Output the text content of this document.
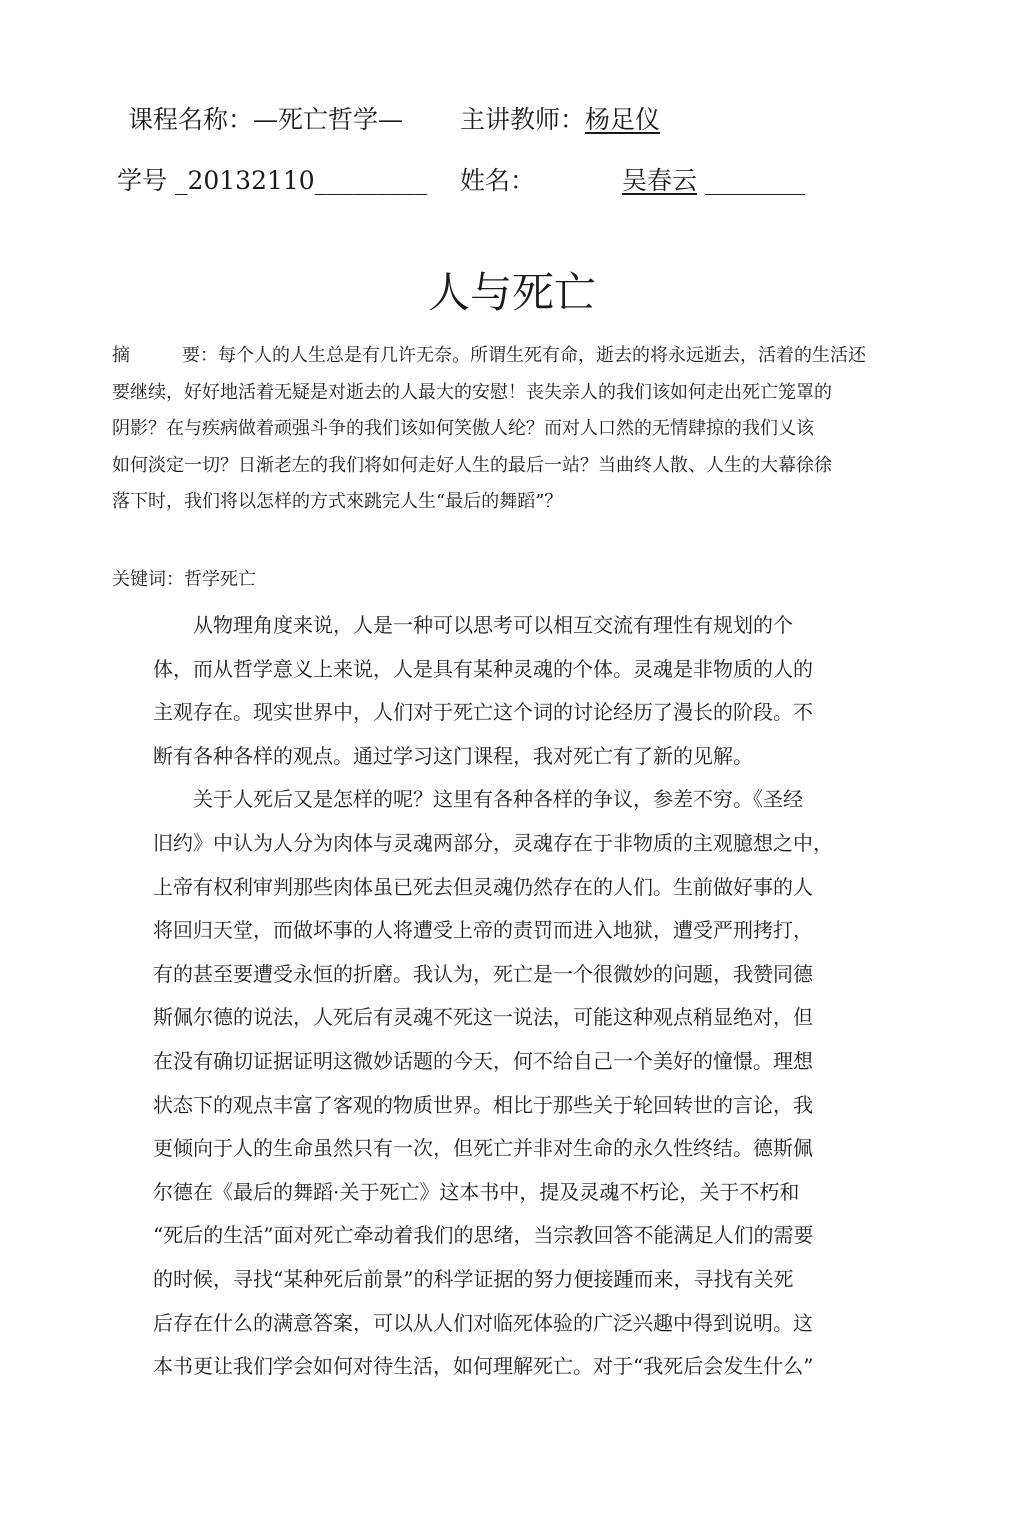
课程名称：—死亡哲学— 主讲教师：杨足仪
学号 _20132110_________ 姓名：	吴春云 ________
人与死亡
摘	要：每个人的人生总是有几许无奈。所谓生死有命，逝去的将永远逝去，活着的生活还
要继续，好好地活着无疑是对逝去的人最大的安慰！丧失亲人的我们该如何走出死亡笼罩的
阴影？在与疾病做着顽强斗争的我们该如何笑傲人纶？而对人口然的无情肆掠的我们乂该
如何淡定一切？日渐老左的我们将如何走好人生的最后一站？当曲终人散、人生的大幕徐徐
落下时，我们将以怎样的方式來跳完人生“最后的舞蹈”？
关键词：哲学死亡
　　从物理角度来说，人是一种可以思考可以相互交流有理性有规划的个
体，而从哲学意义上来说，人是具有某种灵魂的个体。灵魂是非物质的人的
主观存在。现实世界中，人们对于死亡这个词的讨论经历了漫长的阶段。不
断有各种各样的观点。通过学习这门课程，我对死亡有了新的见解。
　　关于人死后又是怎样的呢？这里有各种各样的争议，参差不穷。《圣经
旧约》中认为人分为肉体与灵魂两部分，灵魂存在于非物质的主观臆想之中，
上帝有权利审判那些肉体虽已死去但灵魂仍然存在的人们。生前做好事的人
将回归天堂，而做坏事的人将遭受上帝的责罚而进入地狱，遭受严刑拷打，
有的甚至要遭受永恒的折磨。我认为，死亡是一个很微妙的问题，我赞同德
斯佩尔德的说法，人死后有灵魂不死这一说法，可能这种观点稍显绝对，但
在没有确切证据证明这微妙话题的今天，何不给自己一个美好的憧憬。理想
状态下的观点丰富了客观的物质世界。相比于那些关于轮回转世的言论，我
更倾向于人的生命虽然只有一次，但死亡并非对生命的永久性终结。德斯佩
尔德在《最后的舞蹈·关于死亡》这本书中，提及灵魂不朽论，关于不朽和
“死后的生活”面对死亡牵动着我们的思绪，当宗教回答不能满足人们的需要
的时候，寻找“某种死后前景”的科学证据的努力便接踵而来，寻找有关死
后存在什么的满意答案，可以从人们对临死体验的广泛兴趣中得到说明。这
本书更让我们学会如何对待生活，如何理解死亡。对于“我死后会发生什么”
